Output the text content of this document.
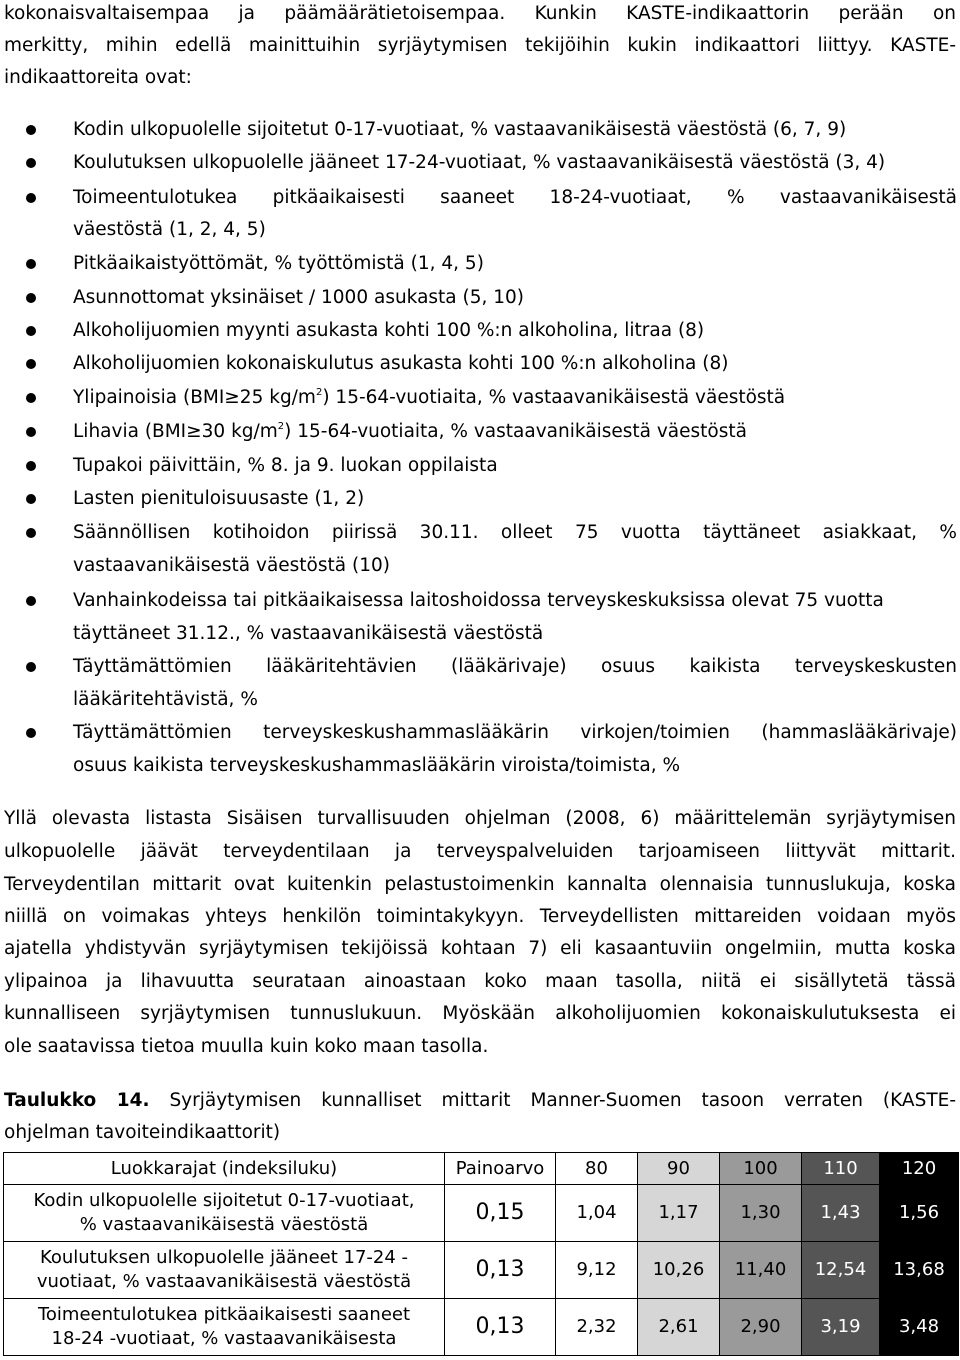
kokonaisvaltaisempaa ja päämäärätietoisempaa. Kunkin KASTE-indikaattorin perään on
merkitty, mihin edellä mainittuihin syrjäytymisen tekijöihin kukin indikaattori liittyy. KASTE-
indikaattoreita ovat:
Kodin ulkopuolelle sijoitetut 0-17-vuotiaat, % vastaavanikäisestä väestöstä (6, 7, 9)
Koulutuksen ulkopuolelle jääneet 17-24-vuotiaat, % vastaavanikäisestä väestöstä (3, 4)
Toimeentulotukea pitkäaikaisesti saaneet 18-24-vuotiaat, % vastaavanikäisestä
väestöstä (1, 2, 4, 5)
Pitkäaikaistyöttömät, % työttömistä (1, 4, 5)
Asunnottomat yksinäiset / 1000 asukasta (5, 10)
Alkoholijuomien myynti asukasta kohti 100 %:n alkoholina, litraa (8)
Alkoholijuomien kokonaiskulutus asukasta kohti 100 %:n alkoholina (8)
Ylipainoisia (BMI≥25 $kg/m^2$) 15-64-vuotiaita, % vastaavanikäisestä väestöstä
Lihavia (BMI≥30 $kg/m^2$) 15-64-vuotiaita, % vastaavanikäisestä väestöstä
Tupakoi päivittäin, % 8. ja 9. luokan oppilaista
Lasten pienituloisuusaste (1, 2)
Säännöllisen kotihoidon piirissä 30.11. olleet 75 vuotta täyttäneet asiakkaat, %
vastaavanikäisestä väestöstä (10)
Vanhainkodeissa tai pitkäaikaisessa laitoshoidossa terveyskeskuksissa olevat 75 vuotta
täyttäneet 31.12., % vastaavanikäisestä väestöstä
Täyttämättömien lääkäritehtävien (lääkärivaje) osuus kaikista terveyskeskusten
lääkäritehtävistä, %
Täyttämättömien terveyskeskushammaslääkärin virkojen/toimien (hammaslääkärivaje)
osuus kaikista terveyskeskushammaslääkärin viroista/toimista, %
Yllä olevasta listasta Sisäisen turvallisuuden ohjelman (2008, 6) määrittelemän syrjäytymisen
ulkopuolelle jäävät terveydentilaan ja terveyspalveluiden tarjoamiseen liittyvät mittarit.
Terveydentilan mittarit ovat kuitenkin pelastustoimenkin kannalta olennaisia tunnuslukuja, koska
niillä on voimakas yhteys henkilön toimintakykyyn. Terveydellisten mittareiden voidaan myös
ajatella yhdistyvän syrjäytymisen tekijöissä kohtaan 7) eli kasaantuviin ongelmiin, mutta koska
ylipainoa ja lihavuutta seurataan ainoastaan koko maan tasolla, niitä ei sisällytetä tässä
kunnalliseen syrjäytymisen tunnuslukuun. Myöskään alkoholijuomien kokonaiskulutuksesta ei
ole saatavissa tietoa muulla kuin koko maan tasolla.
Taulukko 14. Syrjäytymisen kunnalliset mittarit Manner-Suomen tasoon verraten (KASTE-
ohjelman tavoiteindikaattorit)
Luokkarajat (indeksiluku)	Painoarvo	80	90	100	110	120

Kodin ulkopuolelle sijoitetut 0-17-vuotiaat,
% vastaavanikäisestä väestöstä	0,15	1,04	1,17	1,30	1,43	1,56

Koulutuksen ulkopuolelle jääneet 17-24 -
vuotiaat, % vastaavanikäisestä väestöstä	0,13	9,12	10,26	11,40	12,54	13,68

Toimeentulotukea pitkäaikaisesti saaneet
18-24 -vuotiaat, % vastaavanikäisesta	0,13	2,32	2,61	2,90	3,19	3,48
